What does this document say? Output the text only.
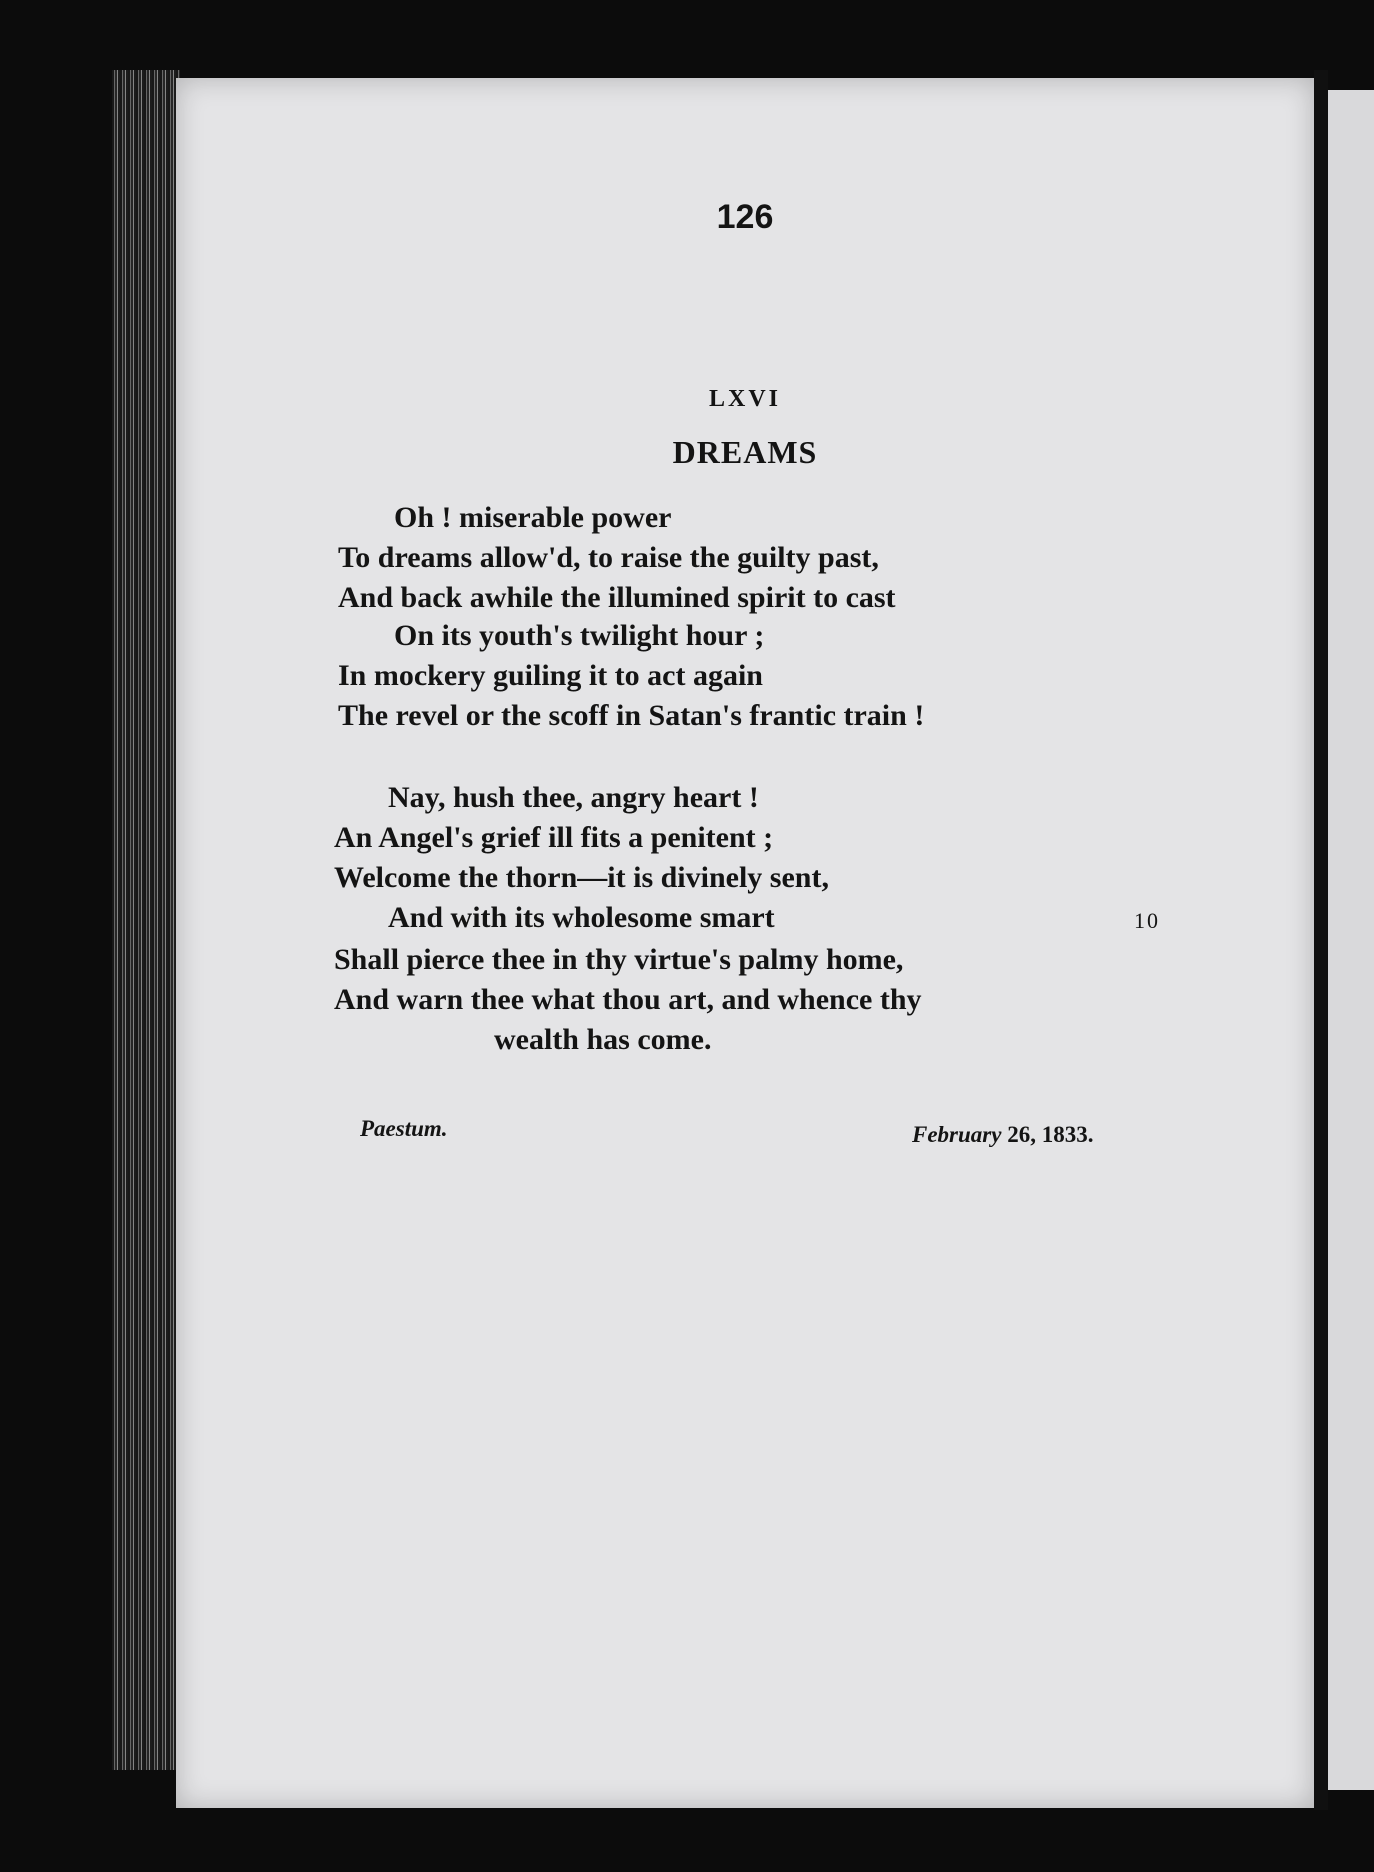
126
LXVI
DREAMS
Oh ! miserable power
To dreams allow'd, to raise the guilty past,
And back awhile the illumined spirit to cast
On its youth's twilight hour ;
In mockery guiling it to act again
The revel or the scoff in Satan's frantic train !
Nay, hush thee, angry heart !
An Angel's grief ill fits a penitent ;
Welcome the thorn—it is divinely sent,
And with its wholesome smart	10
Shall pierce thee in thy virtue's palmy home,
And warn thee what thou art, and whence thy
wealth has come.
Paestum.	February 26, 1833.
